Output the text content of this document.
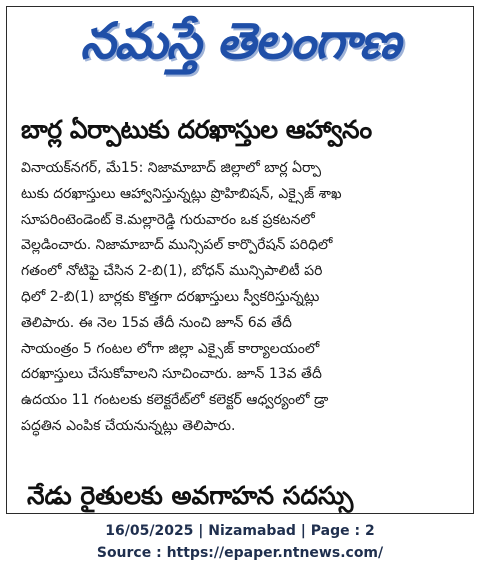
నమస్తే తెలంగాణ
బార్ల ఏర్పాటుకు దరఖాస్తుల ఆహ్వానం
వినాయక్‌నగర్, మే15: నిజామాబాద్ జిల్లాలో బార్ల ఏర్పా
టుకు దరఖాస్తులు ఆహ్వానిస్తున్నట్లు ప్రొహిబిషన్, ఎక్సైజ్ శాఖ
సూపరింటెండెంట్ కె.మల్లారెడ్డి గురువారం ఒక ప్రకటనలో
వెల్లడించారు. నిజామాబాద్ మున్సిపల్ కార్పొరేషన్ పరిధిలో
గతంలో నోటిఫై చేసిన 2-బి(1), బోధన్ మున్సిపాలిటీ పరి
ధిలో 2-బి(1) బార్లకు కొత్తగా దరఖాస్తులు స్వీకరిస్తున్నట్లు
తెలిపారు. ఈ నెల 15వ తేదీ నుంచి జూన్ 6వ తేదీ
సాయంత్రం 5 గంటల లోగా జిల్లా ఎక్సైజ్ కార్యాలయంలో
దరఖాస్తులు చేసుకోవాలని సూచించారు. జూన్ 13వ తేదీ
ఉదయం 11 గంటలకు కలెక్టరేట్‌లో కలెక్టర్ ఆధ్వర్యంలో డ్రా
పద్ధతిన ఎంపిక చేయనున్నట్లు తెలిపారు.
నేడు రైతులకు అవగాహన సదస్సు
16/05/2025 | Nizamabad | Page : 2
Source : https://epaper.ntnews.com/
